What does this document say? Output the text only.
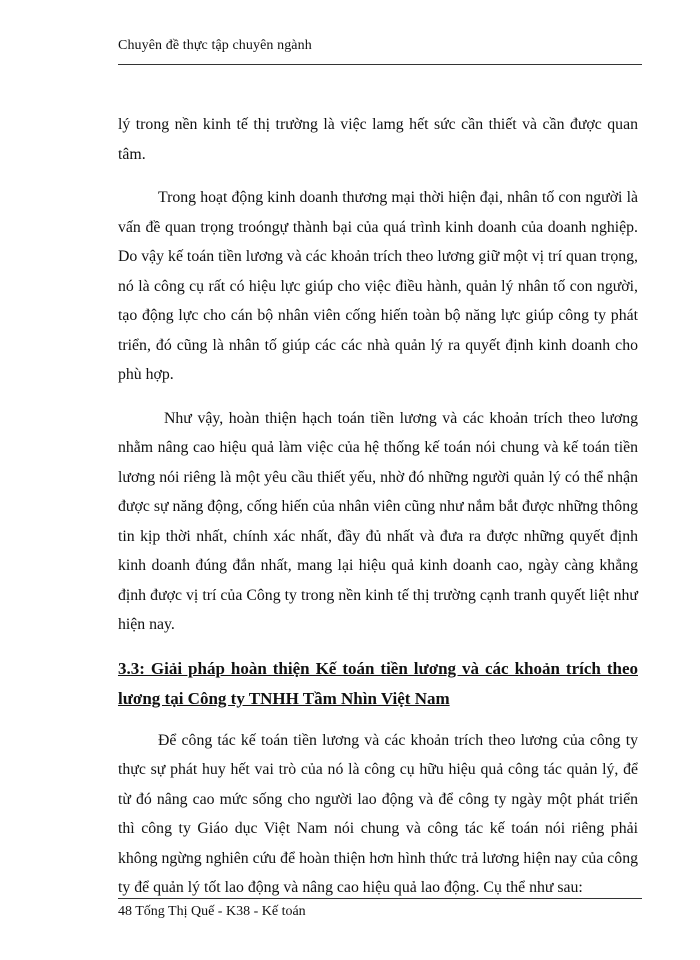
Chuyên đề thực tập chuyên ngành

lý trong nền kinh tế thị trường là việc lamg hết sức cần thiết và cần được quan tâm.

Trong hoạt động kinh doanh thương mại thời hiện đại, nhân tố con người là vấn đề quan trọng troóngự thành bại của quá trình kinh doanh của doanh nghiệp. Do vậy kế toán tiền lương và các khoản trích theo lương giữ một vị trí quan trọng, nó là công cụ rất có hiệu lực giúp cho việc điều hành, quản lý nhân tố con người, tạo động lực cho cán bộ nhân viên cống hiến toàn bộ năng lực giúp công ty phát triển, đó cũng là nhân tố giúp các các nhà quản lý ra quyết định kinh doanh cho phù hợp.

Như vậy, hoàn thiện hạch toán tiền lương và các khoản trích theo lương nhằm nâng cao hiệu quả làm việc của hệ thống kế toán nói chung và kế toán tiền lương nói riêng là một yêu cầu thiết yếu, nhờ đó những người quản lý có thể nhận được sự năng động, cống hiến của nhân viên cũng như nắm bắt được những thông tin kịp thời nhất, chính xác nhất, đầy đủ nhất và đưa ra được những quyết định kinh doanh đúng đắn nhất, mang lại hiệu quả kinh doanh cao, ngày càng khẳng định được vị trí của Công ty trong nền kinh tế thị trường cạnh tranh quyết liệt như hiện nay.

3.3: Giải pháp hoàn thiện Kế toán tiền lương và các khoản trích theo lương tại Công ty TNHH Tầm Nhìn Việt Nam

Để công tác kế toán tiền lương và các khoản trích theo lương của công ty thực sự phát huy hết vai trò của nó là công cụ hữu hiệu quả công tác quản lý, để từ đó nâng cao mức sống cho người lao động và để công ty ngày một phát triển thì công ty Giáo dục Việt Nam nói chung và công tác kế toán nói riêng phải không ngừng nghiên cứu để hoàn thiện hơn hình thức trả lương hiện nay của công ty để quản lý tốt lao động và nâng cao hiệu quả lao động. Cụ thể như sau:

48 Tống Thị Quế - K38 - Kế toán
